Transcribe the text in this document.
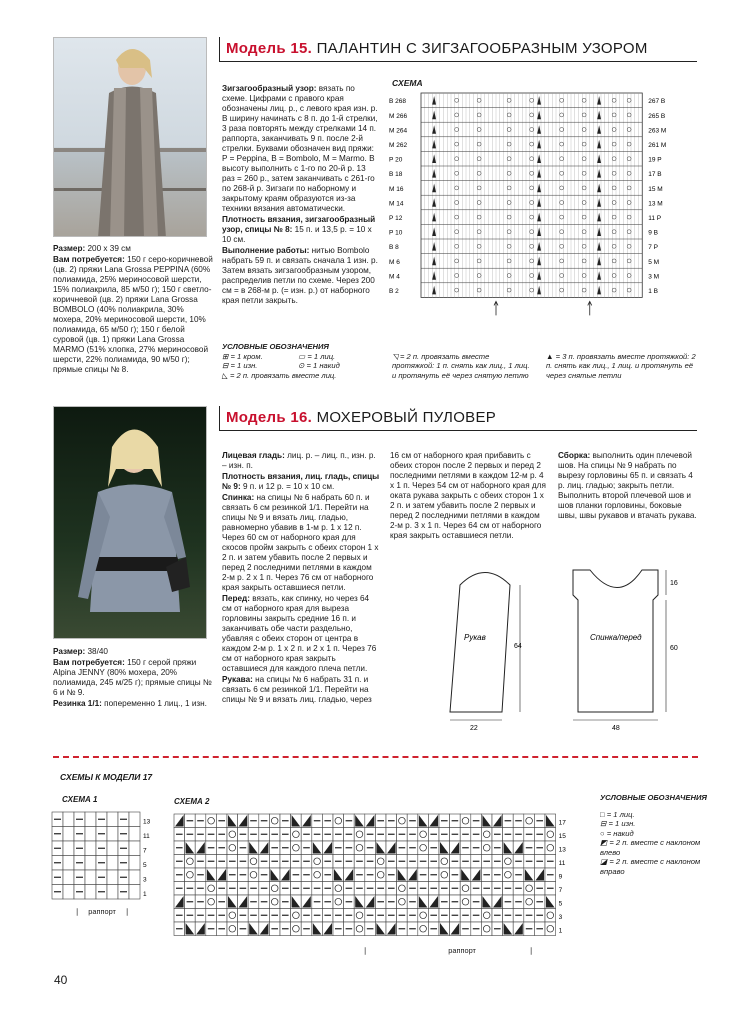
Модель 15. ПАЛАНТИН С ЗИГЗАГООБРАЗНЫМ УЗОРОМ

Размер: 200 х 39 см

Вам потребуется: 150 г серо-коричневой (цв. 2) пряжи Lana Grossa PEPPINA (60% полиамида, 25% мериносовой шерсти, 15% полиакрила, 85 м/50 г); 150 г светло-коричневой (цв. 2) пряжи Lana Grossa BOMBOLO (40% полиакрила, 30% мохера, 20% мериносовой шерсти, 10% полиамида, 65 м/50 г); 150 г белой суровой (цв. 1) пряжи Lana Grossa MARMO (51% хлопка, 27% мериносовой шерсти, 22% полиамида, 90 м/50 г); прямые спицы № 8.

Зигзагообразный узор: вязать по схеме. Цифрами с правого края обозначены лиц. р., с левого края изн. р. В ширину начинать с 8 п. до 1-й стрелки, 3 раза повторять между стрелками 14 п. раппорта, заканчивать 9 п. после 2-й стрелки. Буквами обозначен вид пряжи: P = Peppina, B = Bombolo, M = Marmo. В высоту выполнить с 1-го по 20-й р. 13 раз = 260 р., затем заканчивать с 261-го по 268-й р. Зигзаги по наборному и закрытому краям образуются из-за техники вязания автоматически.

Плотность вязания, зигзагообразный узор, спицы № 8: 15 п. и 13,5 р. = 10 х 10 см.

Выполнение работы: нитью Bombolo набрать 59 п. и связать сначала 1 изн. р. Затем вязать зигзагообразным узором, распределив петли по схеме. Через 200 см = в 268-м р. (= изн. р.) от наборного края петли закрыть.

СХЕМА
В 268	267 В
М 266	265 В
М 264	263 М
М 262	261 М
Р 20	19 Р
В 18	17 В
М 16	15 М
М 14	13 М
Р 12	11 Р
Р 10	9 В
В 8	7 Р
М 6	5 М
М 4	3 М
В 2	1 В
УСЛОВНЫЕ ОБОЗНАЧЕНИЯ
⊞ = 1 кром.	▭ = 1 лиц.
⊟ = 1 изн.	⊙ = 1 накид
◺ = 2 п. провязать вместе лиц.
◹ = 2 п. провязать вместе протяжкой: 1 п. снять как лиц., 1 лиц. и протянуть её через снятую петлю
▲ = 3 п. провязать вместе протяжкой: 2 п. снять как лиц., 1 лиц. и протянуть её через снятые петли
Модель 16. МОХЕРОВЫЙ ПУЛОВЕР

Размер: 38/40

Вам потребуется: 150 г серой пряжи Alpina JENNY (80% мохера, 20% полиамида, 245 м/25 г); прямые спицы № 6 и № 9.

Резинка 1/1: попеременно 1 лиц., 1 изн.

Лицевая гладь: лиц. р. – лиц. п., изн. р. – изн. п.

Плотность вязания, лиц. гладь, спицы № 9: 9 п. и 12 р. = 10 х 10 см.

Спинка: на спицы № 6 набрать 60 п. и связать 6 см резинкой 1/1. Перейти на спицы № 9 и вязать лиц. гладью, равномерно убавив в 1-м р. 1 х 12 п. Через 60 см от наборного края для скосов пройм закрыть с обеих сторон 1 х 2 п. и затем убавить после 2 первых и перед 2 последними петлями в каждом 2-м р. 2 х 1 п. Через 76 см от наборного края закрыть оставшиеся петли.

Перед: вязать, как спинку, но через 64 см от наборного края для выреза горловины закрыть средние 16 п. и заканчивать обе части раздельно, убавляя с обеих сторон от центра в каждом 2-м р. 1 х 2 п. и 2 х 1 п. Через 76 см от наборного края закрыть оставшиеся для каждого плеча петли.

Рукава: на спицы № 6 набрать 31 п. и связать 6 см резинкой 1/1. Перейти на спицы № 9 и вязать лиц. гладью, через

16 см от наборного края прибавить с обеих сторон после 2 первых и перед 2 последними петлями в каждом 12-м р. 4 х 1 п. Через 54 см от наборного края для оката рукава закрыть с обеих сторон 1 х 2 п. и затем убавить после 2 первых и перед 2 последними петлями в каждом 2-м р. 3 х 1 п. Через 64 см от наборного края закрыть оставшиеся петли.

Сборка: выполнить один плечевой шов. На спицы № 9 набрать по вырезу горловины 65 п. и связать 4 р. лиц. гладью; закрыть петли. Выполнить второй плечевой шов и шов планки горловины, боковые швы, швы рукавов и втачать рукава.

Рукав
64
22
Спинка/перед
16
60
48
СХЕМЫ К МОДЕЛИ 17
СХЕМА 1	СХЕМА 2
13
11
7
5
3
1
❘ раппорт ❘
17
15
13
11
9
7
5
3
1
❘	раппорт	❘
УСЛОВНЫЕ ОБОЗНАЧЕНИЯ
□ = 1 лиц.
⊟ = 1 изн.
○ = накид
◩ = 2 п. вместе с наклоном влево
◪ = 2 п. вместе с наклоном вправо
40
